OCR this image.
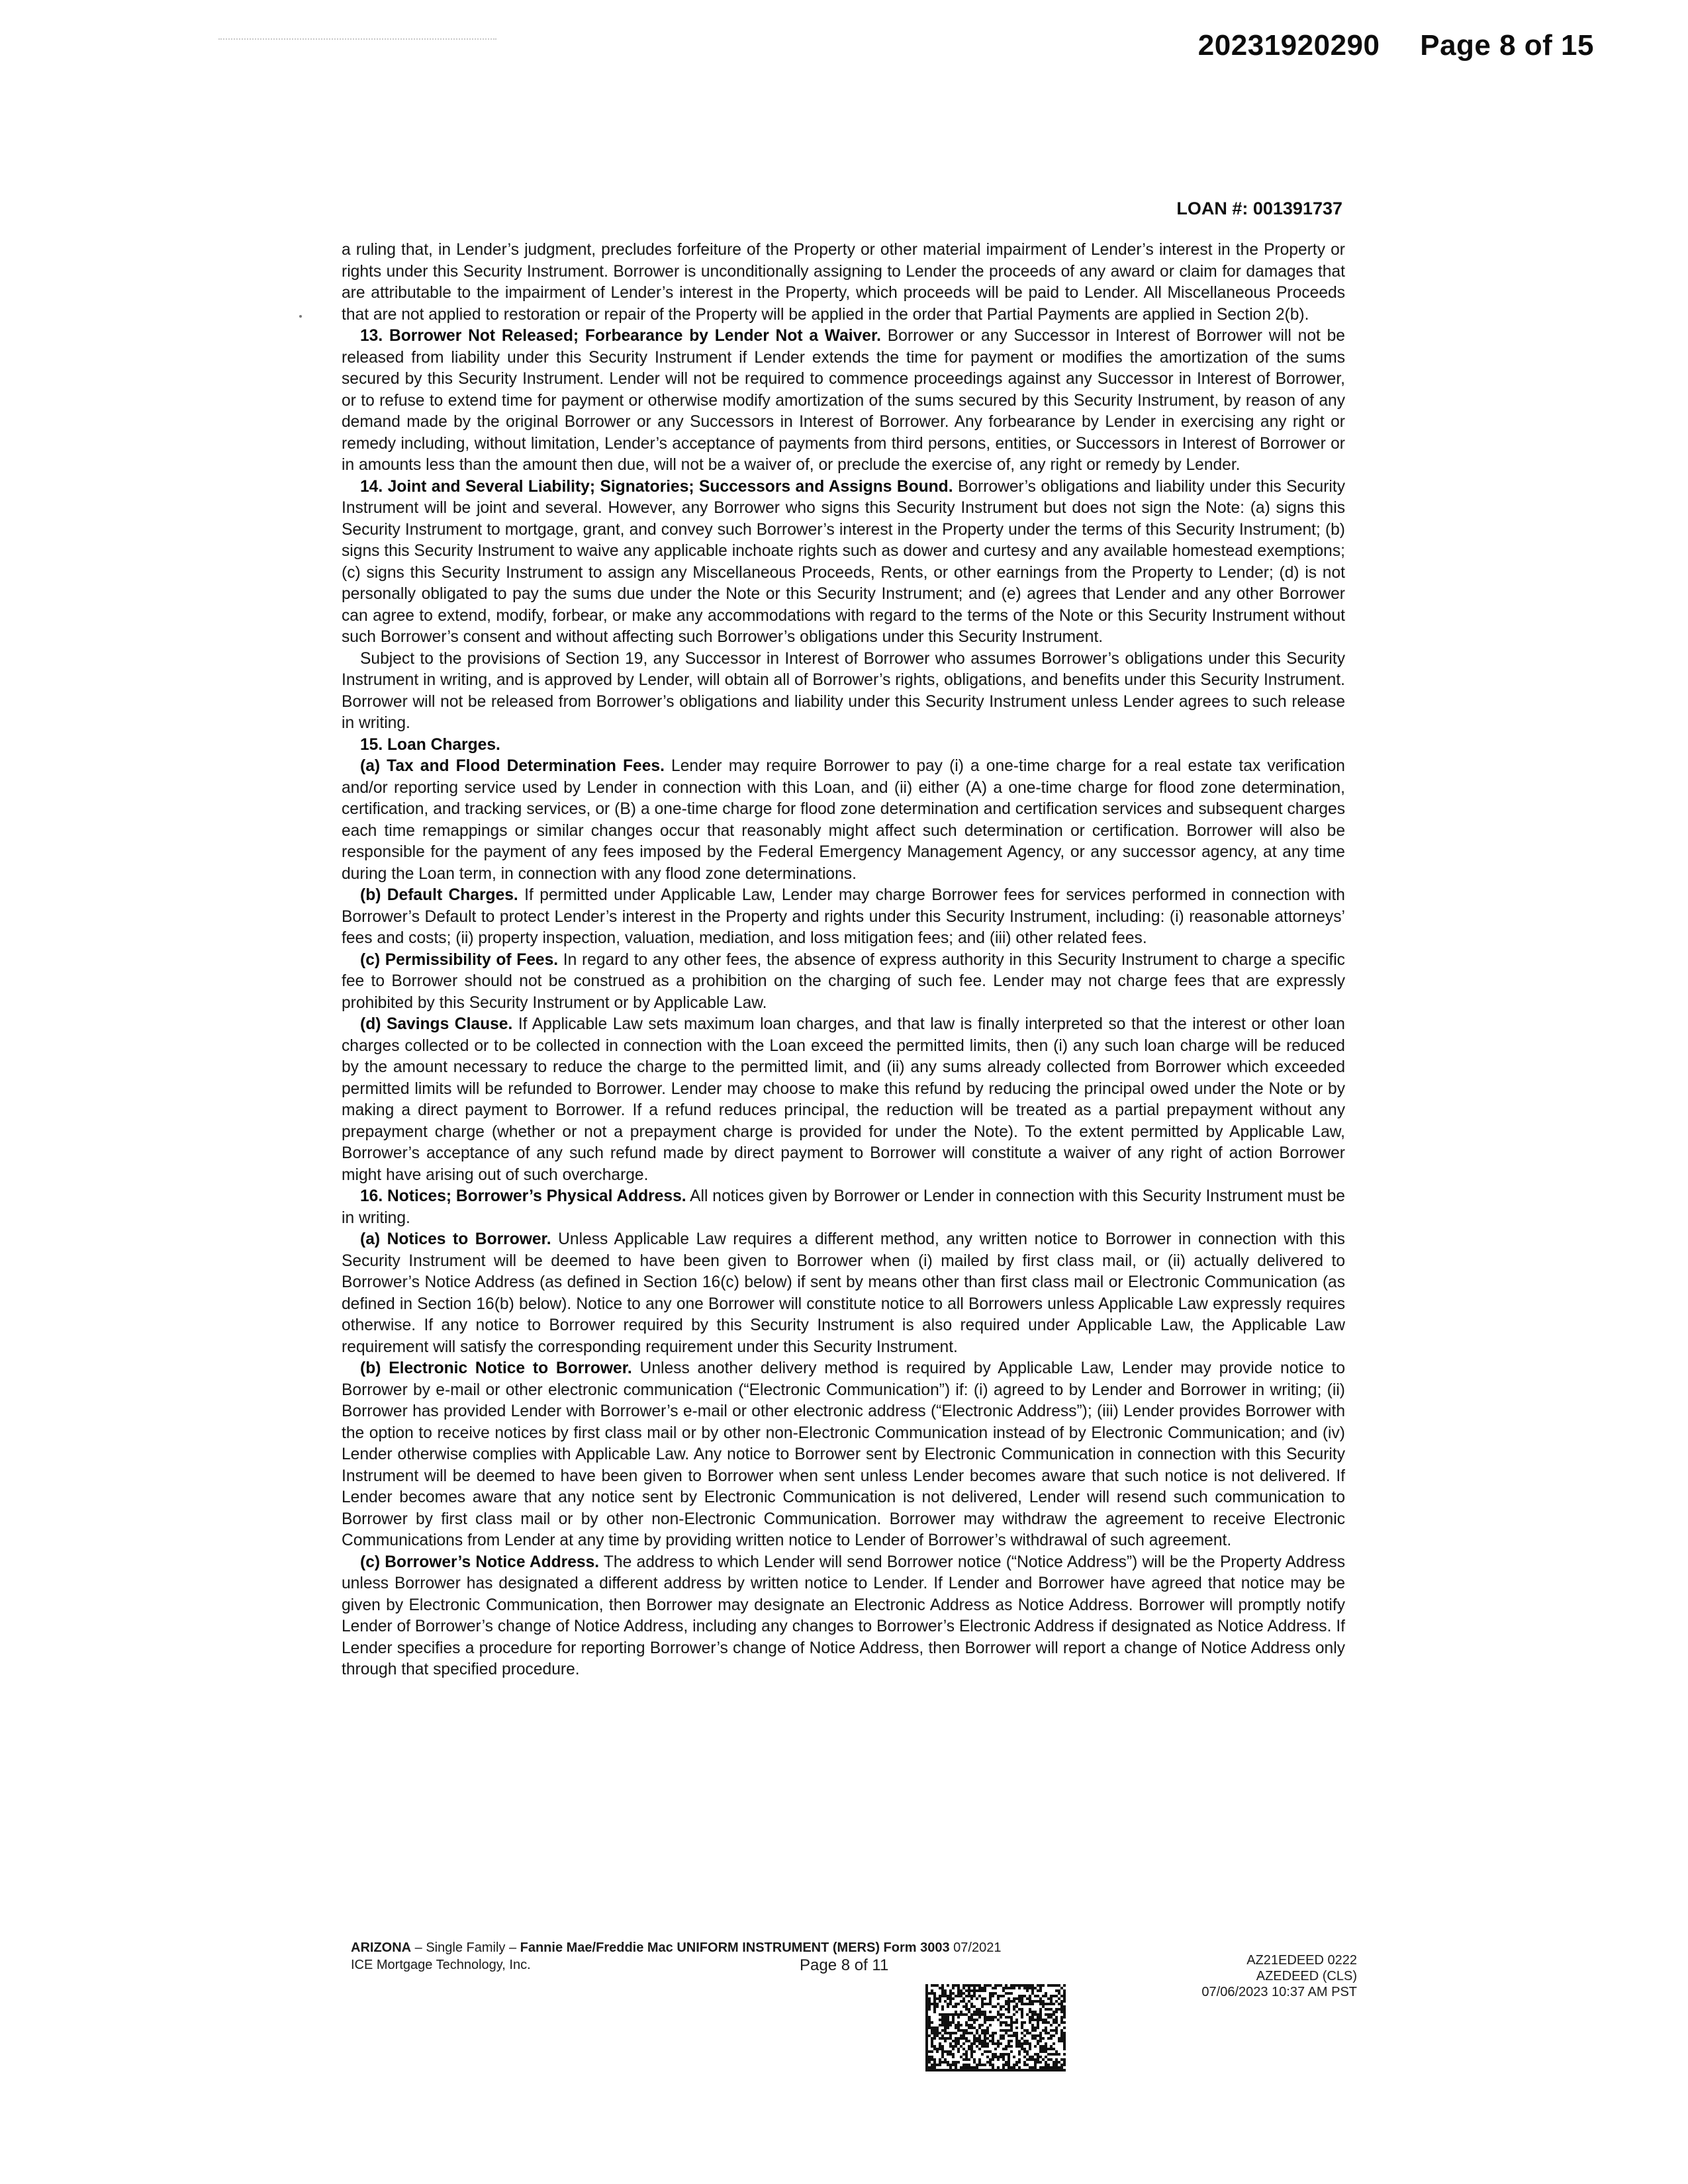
20231920290 Page 8 of 15
LOAN #: 001391737

a ruling that, in Lender’s judgment, precludes forfeiture of the Property or other material impairment of Lender’s interest in the Property or rights under this Security Instrument. Borrower is unconditionally assigning to Lender the proceeds of any award or claim for damages that are attributable to the impairment of Lender’s interest in the Property, which proceeds will be paid to Lender. All Miscellaneous Proceeds that are not applied to restoration or repair of the Property will be applied in the order that Partial Payments are applied in Section 2(b).

13. Borrower Not Released; Forbearance by Lender Not a Waiver. Borrower or any Successor in Interest of Borrower will not be released from liability under this Security Instrument if Lender extends the time for payment or modifies the amortization of the sums secured by this Security Instrument. Lender will not be required to commence proceedings against any Successor in Interest of Borrower, or to refuse to extend time for payment or otherwise modify amortization of the sums secured by this Security Instrument, by reason of any demand made by the original Borrower or any Successors in Interest of Borrower. Any forbearance by Lender in exercising any right or remedy including, without limitation, Lender’s acceptance of payments from third persons, entities, or Successors in Interest of Borrower or in amounts less than the amount then due, will not be a waiver of, or preclude the exercise of, any right or remedy by Lender.

14. Joint and Several Liability; Signatories; Successors and Assigns Bound. Borrower’s obligations and liability under this Security Instrument will be joint and several. However, any Borrower who signs this Security Instrument but does not sign the Note: (a) signs this Security Instrument to mortgage, grant, and convey such Borrower’s interest in the Property under the terms of this Security Instrument; (b) signs this Security Instrument to waive any applicable inchoate rights such as dower and curtesy and any available homestead exemptions; (c) signs this Security Instrument to assign any Miscellaneous Proceeds, Rents, or other earnings from the Property to Lender; (d) is not personally obligated to pay the sums due under the Note or this Security Instrument; and (e) agrees that Lender and any other Borrower can agree to extend, modify, forbear, or make any accommodations with regard to the terms of the Note or this Security Instrument without such Borrower’s consent and without affecting such Borrower’s obligations under this Security Instrument.

Subject to the provisions of Section 19, any Successor in Interest of Borrower who assumes Borrower’s obligations under this Security Instrument in writing, and is approved by Lender, will obtain all of Borrower’s rights, obligations, and benefits under this Security Instrument. Borrower will not be released from Borrower’s obligations and liability under this Security Instrument unless Lender agrees to such release in writing.

15. Loan Charges.

(a) Tax and Flood Determination Fees. Lender may require Borrower to pay (i) a one-time charge for a real estate tax verification and/or reporting service used by Lender in connection with this Loan, and (ii) either (A) a one-time charge for flood zone determination, certification, and tracking services, or (B) a one-time charge for flood zone determination and certification services and subsequent charges each time remappings or similar changes occur that reasonably might affect such determination or certification. Borrower will also be responsible for the payment of any fees imposed by the Federal Emergency Management Agency, or any successor agency, at any time during the Loan term, in connection with any flood zone determinations.

(b) Default Charges. If permitted under Applicable Law, Lender may charge Borrower fees for services performed in connection with Borrower’s Default to protect Lender’s interest in the Property and rights under this Security Instrument, including: (i) reasonable attorneys’ fees and costs; (ii) property inspection, valuation, mediation, and loss mitigation fees; and (iii) other related fees.

(c) Permissibility of Fees. In regard to any other fees, the absence of express authority in this Security Instrument to charge a specific fee to Borrower should not be construed as a prohibition on the charging of such fee. Lender may not charge fees that are expressly prohibited by this Security Instrument or by Applicable Law.

(d) Savings Clause. If Applicable Law sets maximum loan charges, and that law is finally interpreted so that the interest or other loan charges collected or to be collected in connection with the Loan exceed the permitted limits, then (i) any such loan charge will be reduced by the amount necessary to reduce the charge to the permitted limit, and (ii) any sums already collected from Borrower which exceeded permitted limits will be refunded to Borrower. Lender may choose to make this refund by reducing the principal owed under the Note or by making a direct payment to Borrower. If a refund reduces principal, the reduction will be treated as a partial prepayment without any prepayment charge (whether or not a prepayment charge is provided for under the Note). To the extent permitted by Applicable Law, Borrower’s acceptance of any such refund made by direct payment to Borrower will constitute a waiver of any right of action Borrower might have arising out of such overcharge.

16. Notices; Borrower’s Physical Address. All notices given by Borrower or Lender in connection with this Security Instrument must be in writing.

(a) Notices to Borrower. Unless Applicable Law requires a different method, any written notice to Borrower in connection with this Security Instrument will be deemed to have been given to Borrower when (i) mailed by first class mail, or (ii) actually delivered to Borrower’s Notice Address (as defined in Section 16(c) below) if sent by means other than first class mail or Electronic Communication (as defined in Section 16(b) below). Notice to any one Borrower will constitute notice to all Borrowers unless Applicable Law expressly requires otherwise. If any notice to Borrower required by this Security Instrument is also required under Applicable Law, the Applicable Law requirement will satisfy the corresponding requirement under this Security Instrument.

(b) Electronic Notice to Borrower. Unless another delivery method is required by Applicable Law, Lender may provide notice to Borrower by e-mail or other electronic communication (“Electronic Communication”) if: (i) agreed to by Lender and Borrower in writing; (ii) Borrower has provided Lender with Borrower’s e-mail or other electronic address (“Electronic Address”); (iii) Lender provides Borrower with the option to receive notices by first class mail or by other non-Electronic Communication instead of by Electronic Communication; and (iv) Lender otherwise complies with Applicable Law. Any notice to Borrower sent by Electronic Communication in connection with this Security Instrument will be deemed to have been given to Borrower when sent unless Lender becomes aware that such notice is not delivered. If Lender becomes aware that any notice sent by Electronic Communication is not delivered, Lender will resend such communication to Borrower by first class mail or by other non-Electronic Communication. Borrower may withdraw the agreement to receive Electronic Communications from Lender at any time by providing written notice to Lender of Borrower’s withdrawal of such agreement.

(c) Borrower’s Notice Address. The address to which Lender will send Borrower notice (“Notice Address”) will be the Property Address unless Borrower has designated a different address by written notice to Lender. If Lender and Borrower have agreed that notice may be given by Electronic Communication, then Borrower may designate an Electronic Address as Notice Address. Borrower will promptly notify Lender of Borrower’s change of Notice Address, including any changes to Borrower’s Electronic Address if designated as Notice Address. If Lender specifies a procedure for reporting Borrower’s change of Notice Address, then Borrower will report a change of Notice Address only through that specified procedure.

ARIZONA – Single Family – Fannie Mae/Freddie Mac UNIFORM INSTRUMENT (MERS) Form 3003 07/2021
ICE Mortgage Technology, Inc.	Page 8 of 11	AZ21EDEED 0222
AZEDEED (CLS)
07/06/2023 10:37 AM PST
